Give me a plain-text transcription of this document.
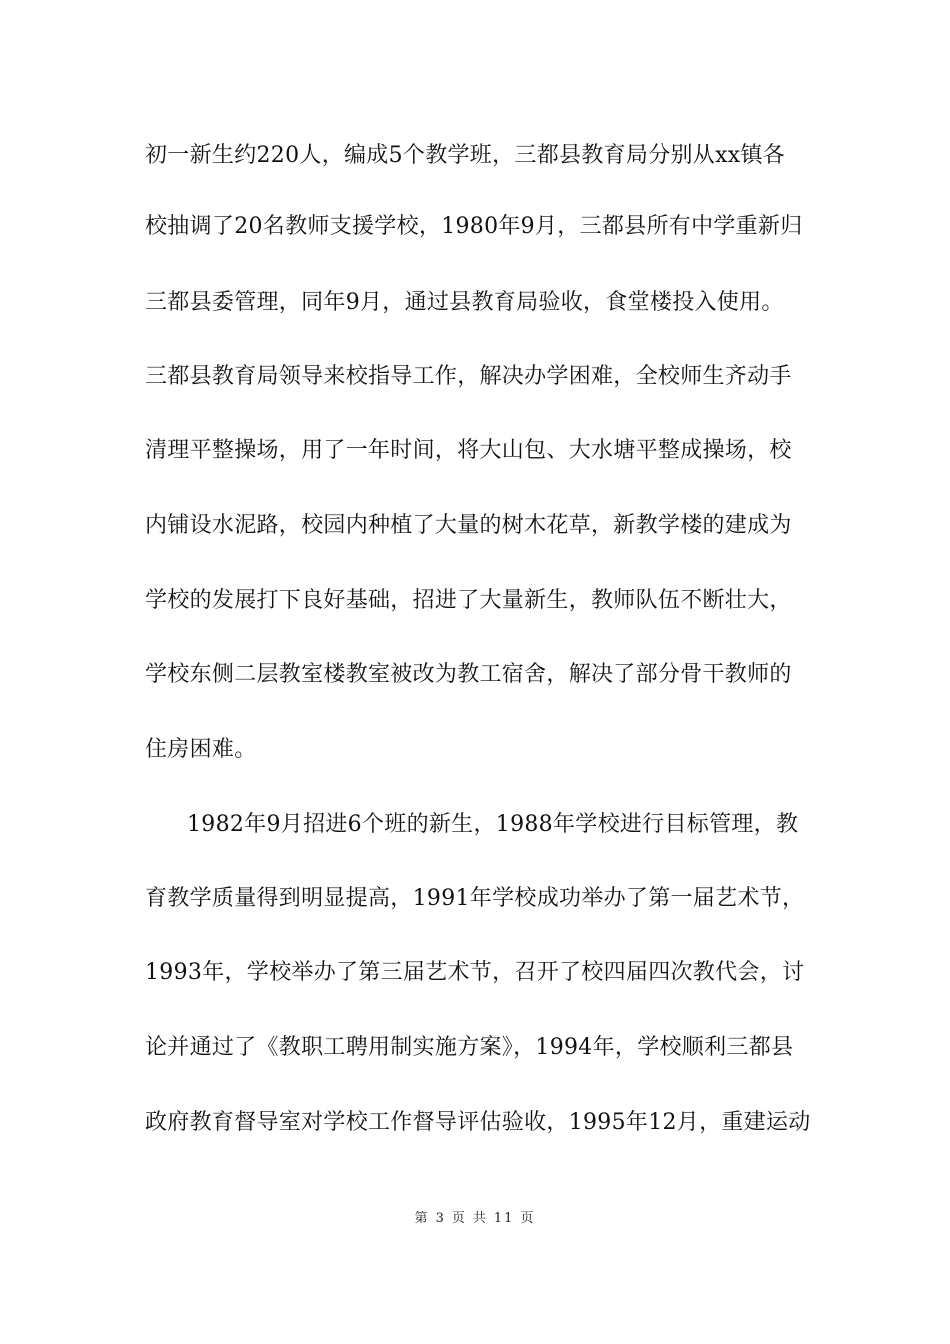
初一新生约220人，编成5个教学班，三都县教育局分别从xx镇各
校抽调了20名教师支援学校，1980年9月，三都县所有中学重新归
三都县委管理，同年9月，通过县教育局验收，食堂楼投入使用。
三都县教育局领导来校指导工作，解决办学困难，全校师生齐动手
清理平整操场，用了一年时间，将大山包、大水塘平整成操场，校
内铺设水泥路，校园内种植了大量的树木花草，新教学楼的建成为
学校的发展打下良好基础，招进了大量新生，教师队伍不断壮大，
学校东侧二层教室楼教室被改为教工宿舍，解决了部分骨干教师的
住房困难。
1982年9月招进6个班的新生，1988年学校进行目标管理，教
育教学质量得到明显提高，1991年学校成功举办了第一届艺术节，
1993年，学校举办了第三届艺术节，召开了校四届四次教代会，讨
论并通过了《教职工聘用制实施方案》，1994年，学校顺利三都县
政府教育督导室对学校工作督导评估验收，1995年12月，重建运动
第 3 页 共 11 页
